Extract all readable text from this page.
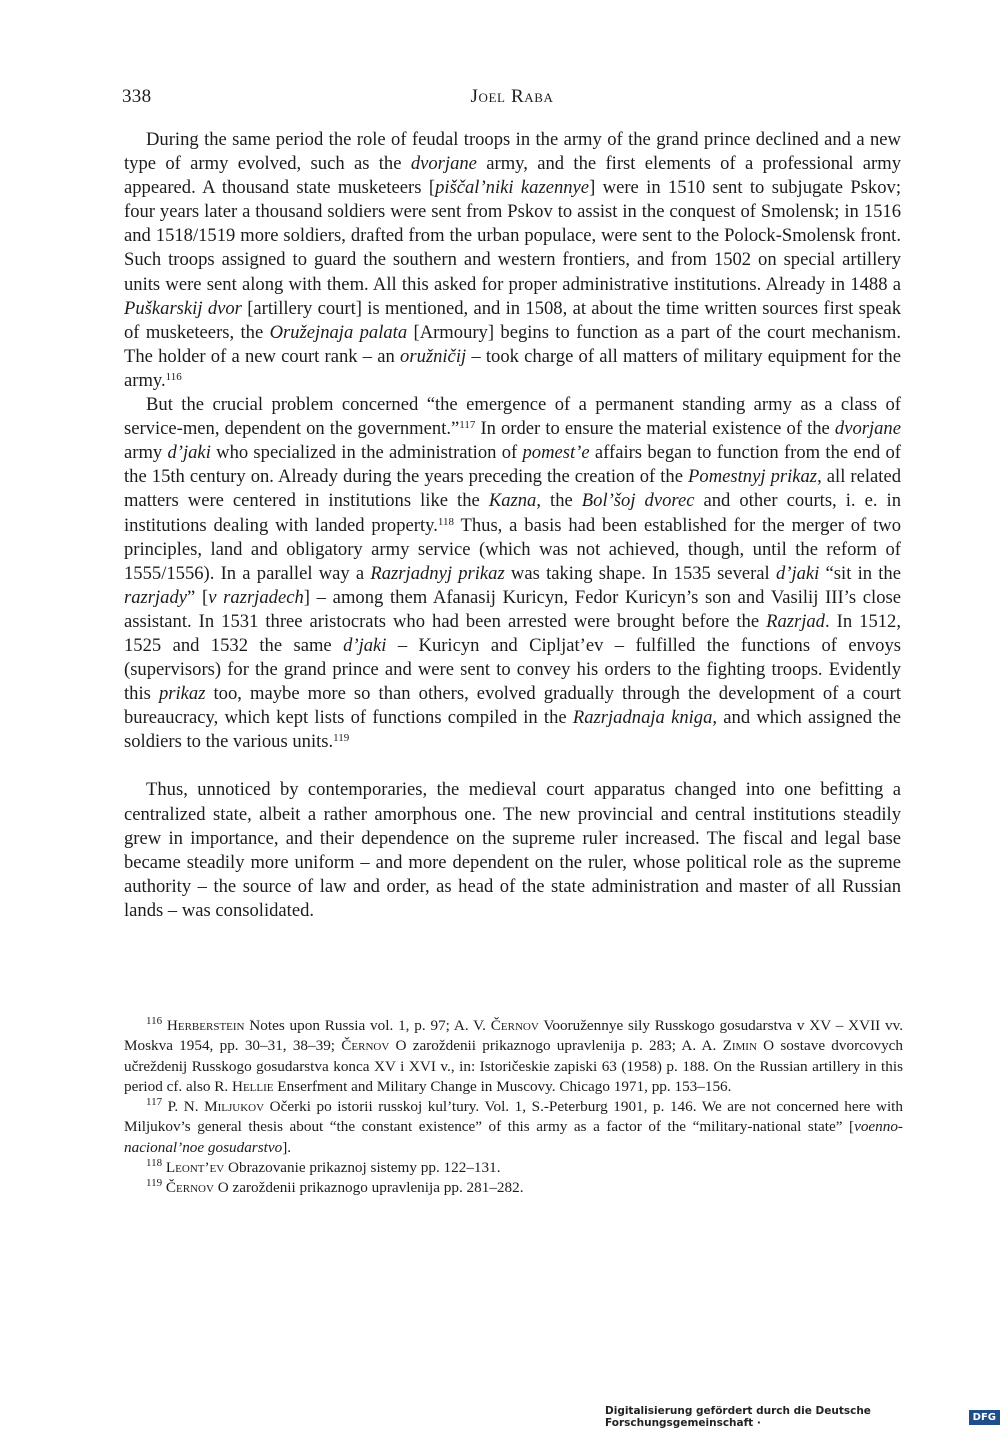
338	Joel Raba

During the same period the role of feudal troops in the army of the grand prince declined and a new type of army evolved, such as the dvorjane army, and the first elements of a professional army appeared. A thousand state musketeers [piščal’niki kazennye] were in 1510 sent to subjugate Pskov; four years later a thousand soldiers were sent from Pskov to assist in the conquest of Smolensk; in 1516 and 1518/1519 more soldiers, drafted from the urban populace, were sent to the Polock-Smolensk front. Such troops assigned to guard the southern and western frontiers, and from 1502 on special artillery units were sent along with them. All this asked for proper administrative institutions. Already in 1488 a Puškarskij dvor [artillery court] is mentioned, and in 1508, at about the time written sources first speak of musketeers, the Oružejnaja palata [Armoury] begins to function as a part of the court mechanism. The holder of a new court rank – an oružničij – took charge of all matters of military equipment for the army.$^{116}$

But the crucial problem concerned “the emergence of a permanent standing army as a class of service-men, dependent on the government.”$^{117}$ In order to ensure the material existence of the dvorjane army d’jaki who specialized in the administration of pomest’e affairs began to function from the end of the 15th century on. Already during the years preceding the creation of the Pomestnyj prikaz, all related matters were centered in institutions like the Kazna, the Bol’šoj dvorec and other courts, i. e. in institutions dealing with landed property.$^{118}$ Thus, a basis had been established for the merger of two principles, land and obligatory army service (which was not achieved, though, until the reform of 1555/1556). In a parallel way a Razrjadnyj prikaz was taking shape. In 1535 several d’jaki “sit in the razrjady” [v razrjadech] – among them Afanasij Kuricyn, Fedor Kuricyn’s son and Vasilij III’s close assistant. In 1531 three aristocrats who had been arrested were brought before the Razrjad. In 1512, 1525 and 1532 the same d’jaki – Kuricyn and Cipljat’ev – fulfilled the functions of envoys (supervisors) for the grand prince and were sent to convey his orders to the fighting troops. Evidently this prikaz too, maybe more so than others, evolved gradually through the development of a court bureaucracy, which kept lists of functions compiled in the Razrjadnaja kniga, and which assigned the soldiers to the various units.$^{119}$

Thus, unnoticed by contemporaries, the medieval court apparatus changed into one befitting a centralized state, albeit a rather amorphous one. The new provincial and central institutions steadily grew in importance, and their dependence on the supreme ruler increased. The fiscal and legal base became steadily more uniform – and more dependent on the ruler, whose political role as the supreme authority – the source of law and order, as head of the state administration and master of all Russian lands – was consolidated.

$^{116}$ Herberstein Notes upon Russia vol. 1, p. 97; A. V. Černov Vooružennye sily Russkogo gosudarstva v XV – XVII vv. Moskva 1954, pp. 30–31, 38–39; Černov O zaroždenii prikaznogo upravlenija p. 283; A. A. Zimin O sostave dvorcovych učreždenij Russkogo gosudarstva konca XV i XVI v., in: Istoričeskie zapiski 63 (1958) p. 188. On the Russian artillery in this period cf. also R. Hellie Enserfment and Military Change in Muscovy. Chicago 1971, pp. 153–156.

$^{117}$ P. N. Miljukov Očerki po istorii russkoj kul’tury. Vol. 1, S.-Peterburg 1901, p. 146. We are not concerned here with Miljukov’s general thesis about “the constant existence” of this army as a factor of the “military-national state” [voenno-nacional’noe gosudarstvo].

$^{118}$ Leont’ev Obrazovanie prikaznoj sistemy pp. 122–131.

$^{119}$ Černov O zaroždenii prikaznogo upravlenija pp. 281–282.

Digitalisierung gefördert durch die Deutsche Forschungsgemeinschaft ·	DFG
